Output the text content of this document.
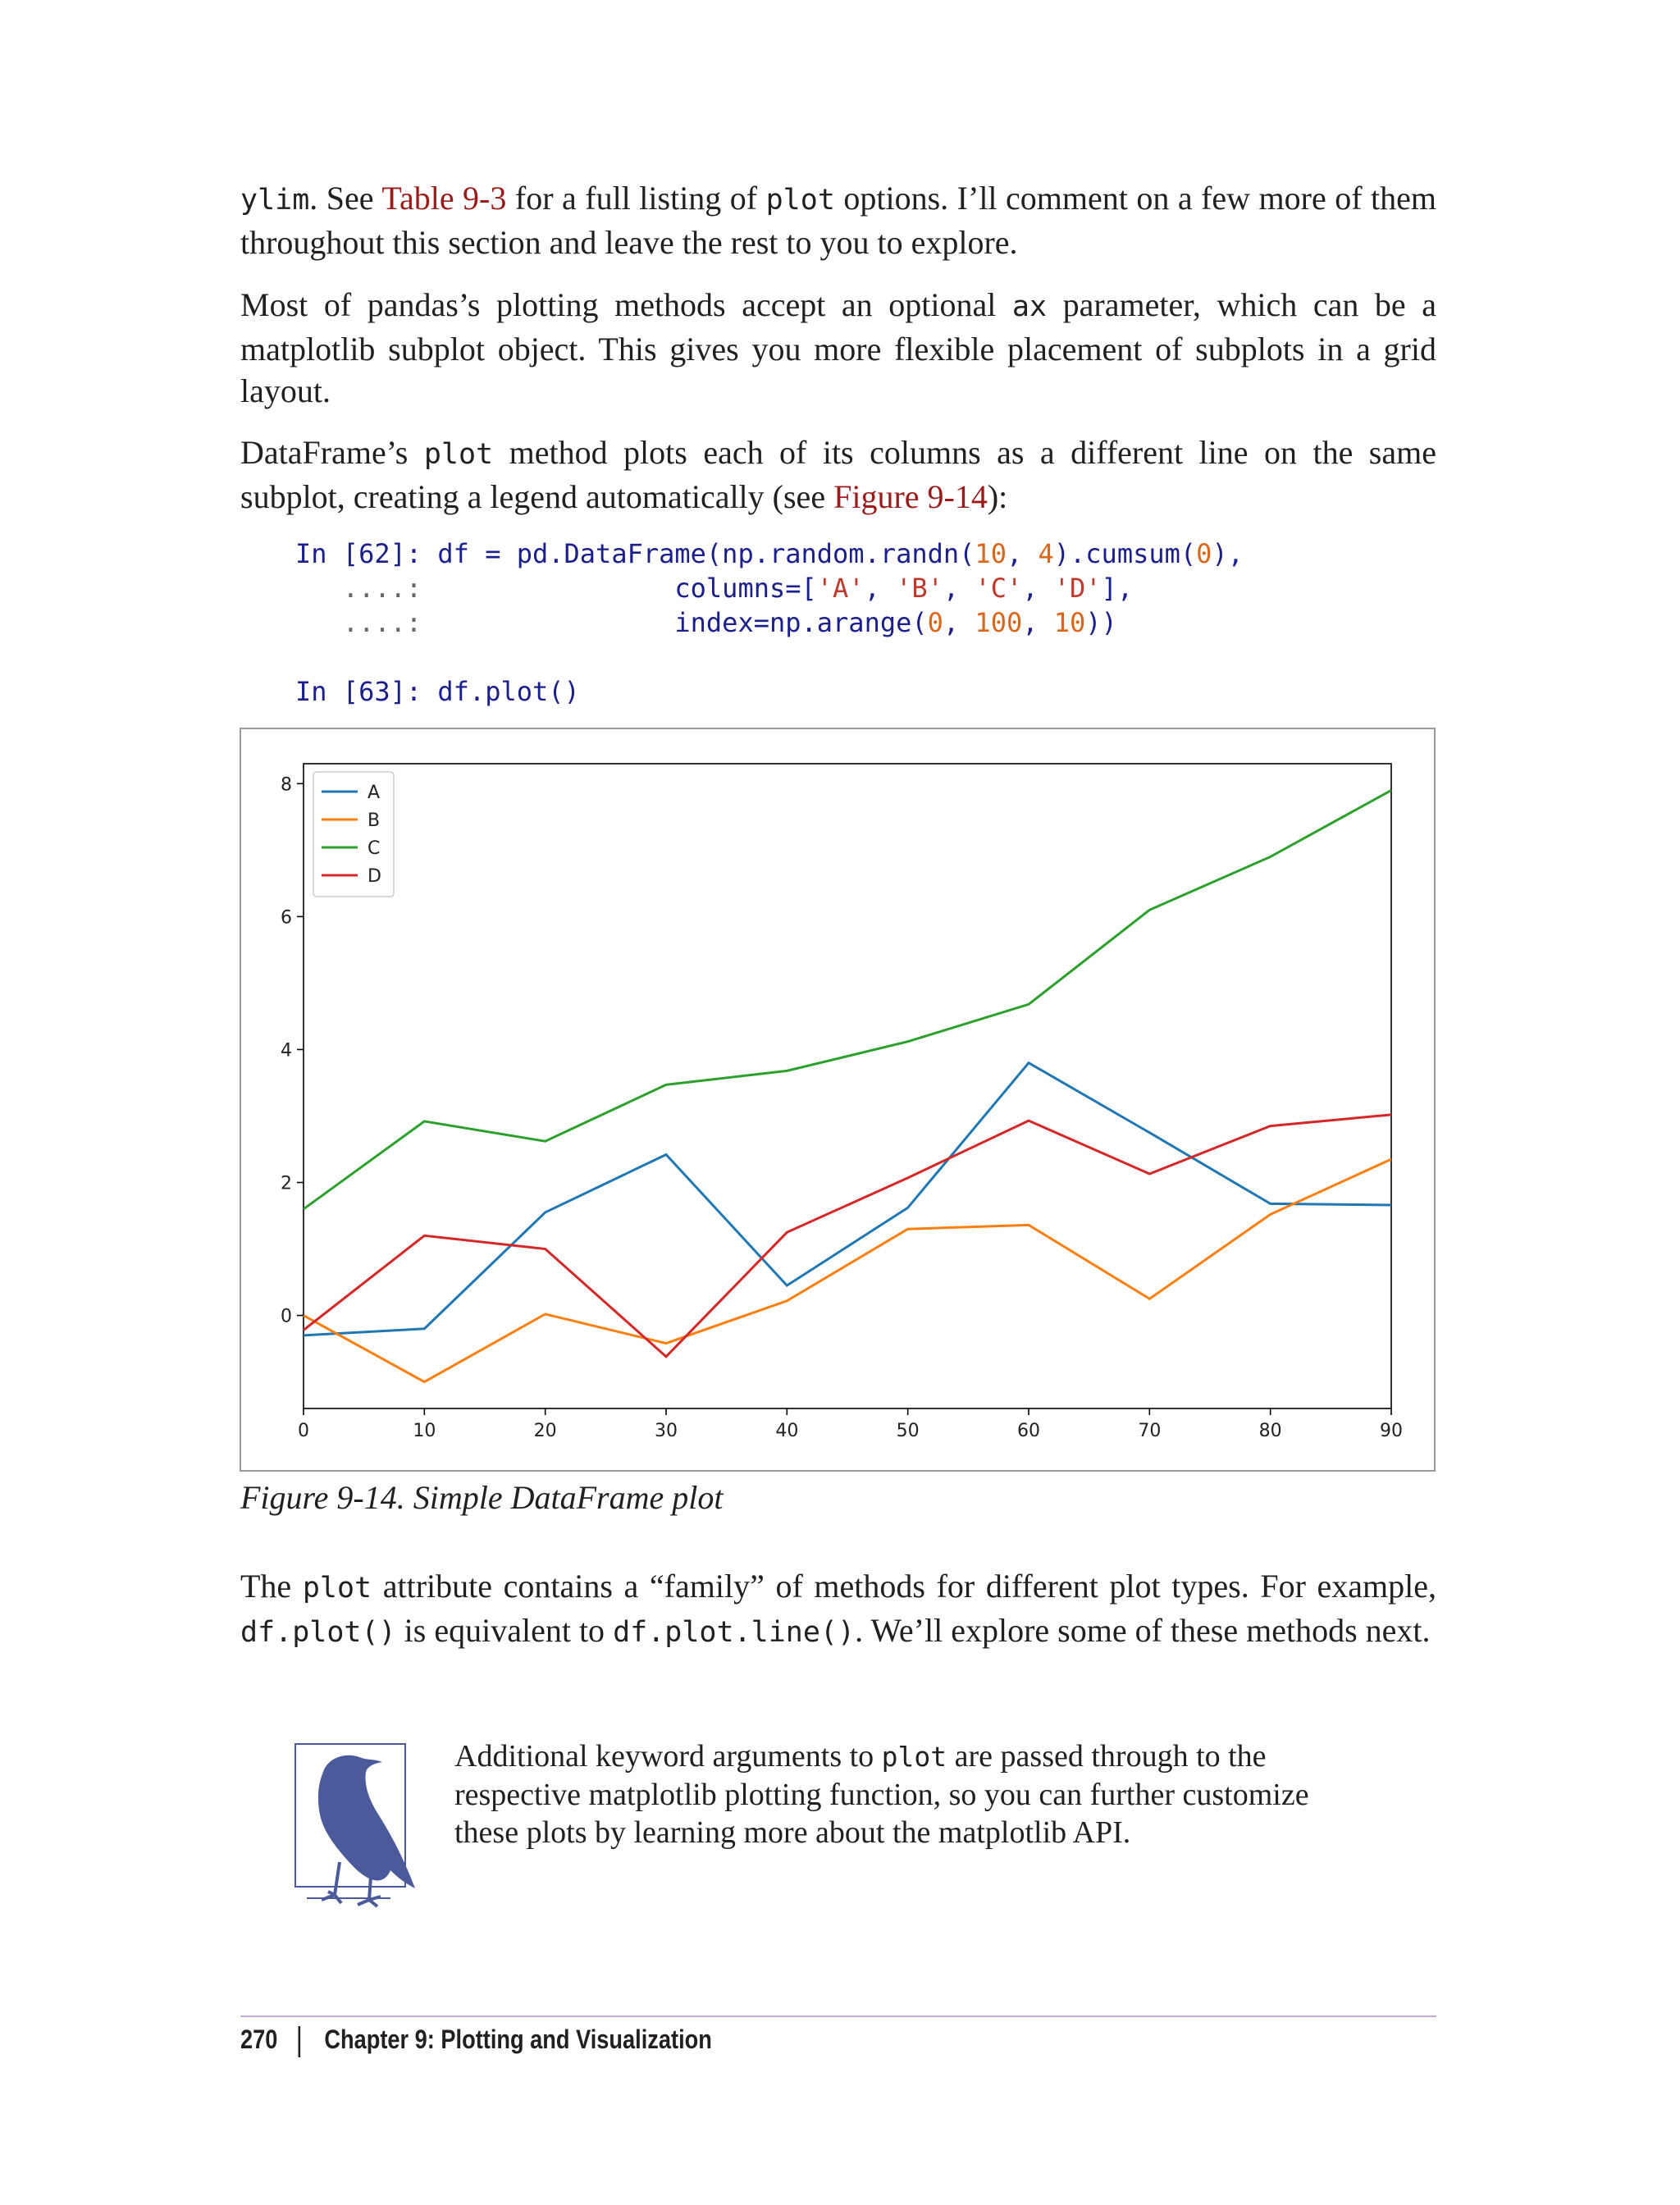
ylim. See Table 9-3 for a full listing of plot options. I’ll comment on a few more of them throughout this section and leave the rest to you to explore.

Most of pandas’s plotting methods accept an optional ax parameter, which can be a matplotlib subplot object. This gives you more flexible placement of subplots in a grid layout.

DataFrame’s plot method plots each of its columns as a different line on the same subplot, creating a legend automatically (see Figure 9-14):

In [62]: df = pd.DataFrame(np.random.randn(10, 4).cumsum(0),
....:	columns=['A', 'B', 'C', 'D'],
....:	index=np.arange(0, 100, 10))
In [63]: df.plot()
0	10	20	30	40	50	60	70	80	90
0
2
4
6
8	A
B
C
D
Figure 9-14. Simple DataFrame plot

The plot attribute contains a “family” of methods for different plot types. For example, df.plot() is equivalent to df.plot.line(). We’ll explore some of these methods next.

Additional keyword arguments to plot are passed through to the respective matplotlib plotting function, so you can further customize these plots by learning more about the matplotlib API.

270 Chapter 9: Plotting and Visualization
